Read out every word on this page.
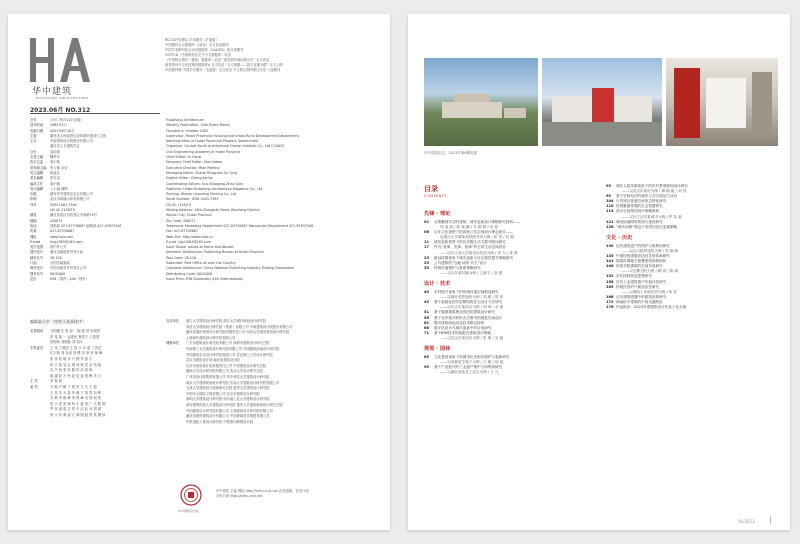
华中建筑
HUAZHONG ARCHITECTURE
2023.06月 NO.312
RCCSE中国核心学术期刊（扩展版）
中国期刊全文数据库（CJFD）全文收录期刊
中国学术期刊综合评价数据库（CAJCED）统计源期刊
CSTPCD（中国科技论文与引文数据库）收录
《中国核心期刊（遴选）数据库》收录 “超星期刊域出版平台” 全文收录
维普资讯中文科技期刊数据库A 全文收录 “万方数据——数字化期刊群” 全文上网
中国期刊网 中国学术期刊（光盘版）全文收录 中文核心期刊要目总览 入选期刊
总号	月刊（每月10日出版）
创刊时间	1983年5月
出版日期	2023年6月10日
主管	湖北省人民政府住房和城乡建设厅主管
主办	中南建筑设计院股份有限公司
湖北省土木建筑学会
社长	袁培煌
名誉主编	魏齐东
执行总监	周小刚
常务副主编	张元德 余宏
英文编辑	杨凌志
美术编辑	张光龙
编务主任	周小刚
发行编辑	丁小丽 韩锦
出版	湖北华中建筑杂志社有限公司
印刷	武汉市珞珈山印务有限公司
刊号	ISSN 1003-739X
CN 42-1158/TU
邮发	湖北省武汉市武昌区中南路19号
邮编	430071
电话	营销部 027-87330687 编辑部 027-87837548
传真	027-87330687
网址	www.hzjz.com
E-mail	hzjz1983@163.com
发行范围	国内外公开
国内发行	湖北省邮政报刊发行局
邮发代号	38-126
订阅	全国各地邮局
海外发行	中国出版对外贸易总公司
国外代号	DK42000
定价	¥38（国内）$26（国外）
Huazhong Architecture
Monthly Publication, 10th Every Month
Founded in October 1983
Supervisor: Hubei Provincial Housing and Urban-Rural Development Department
Administration of Hubei Provincial People's Government
Organizer: Central-South Architectural Design Institute Co., Ltd (CSADI)
Civil Engineering Academy of Hubei Province
Chief Editor: Yu Hong
Honorary Chief Editor: Xian Jiabao
Executive Director: Miao Peifeng
Managing Editor: Zhang Pengyuan Xu Qing
English Editor: Cheng Jianhe
Coordinating Editors: Guo Xiaopeng Zhao Qian
Publisher: Hubei Huazhong Architecture Magazine Co., Ltd
Printing: Wuhan Huaxiang Printing Co., Ltd
Serial Number: ISSN 1003-739X
CN 42-1158/TU
Mailing Address: 19th Zhongnan Road, Wuchang District,
Wuhan City, Hubei Province
Zip Code: 430071
Telephone: Marketing Department 027-87330687 Manuscript Department 027-87837548
Fax: 027-87330687
Web Site: http://www.hzjz.cn
E-mail: hzjz1983@163.com
Issue Scope: Issued at Home and Abroad
Domestic Distribution: Publishing Bureau of Hubei Province
Post Code: 38-126
Subscribe: Post Office all over the Country
Overseas Distribution: China National Publishing Industry Trading Corporation
Distributing Code: DK42000
Issue Price: ¥38 (Domestic) $26 (International)
编辑委员会（按姓氏笔画排序）
名誉顾问	马国馨 庄 惟 彭 一刚 崔 恺 何镜堂
常 青 陈 一 孟建民 程泰宁 王建国
张锦秋 邹德慈 刘 加平
专家委员	王 伟 王建国 王 伟 卢 永 毅 丁沃沃
孔宇航 刘 克成 刘 甦 刘 塨 李 保 峰
张 伟 张 敏 李 兴 钢 李 振 宇
杨 宇 振 吴 志 强 何 镜 堂 余 柏 椿
沈 中 伟 张 彤 陈 伯 冲 周 畅
胡 越 赵 万 民 赵 辰 崔 愷 梅 洪 元
主 任	李 春 舫
委 员	万 敏 卢 峰 丁 建 民 王 凡 王 振
王 英 朱 永 春 华 晓 宁 刘 剀 刘 晖
苏 梅 李 晓 峰 李 保 峰 吴 瑞 何 依
张 小 虎 张 颖 杨 宇 振 邹 广 天 陈 纲
罗 萍 嘉 周 卫 郑 中 洁 赵 冰 胡 斌
徐 小 东 黄 凌 江 谭 刚 毅 熊 燕 魏 欣
支持单位	浙江大学建筑设计研究院 浙江大学城乡规划设计研究院
同济大学建筑设计研究院（集团）有限公司 中南建筑设计院股份有限公司
湖北省城市规划设计研究院有限责任公司 同济大学城市规划设计研究院
上海现代建筑设计研究院有限公司
理事单位	广东省建筑设计研究院有限公司 深圳市建筑设计研究总院
华南理工大学建筑设计研究院有限公司 中国建筑西南设计研究院
中国建筑东北设计研究院有限公司 武汉理工大学设计研究院
武汉市建筑设计院 湖北省建筑设计院
长沙市规划设计院有限责任公司 中信建筑设计研究总院
湖南大学设计研究院有限公司 武汉大学设计研究总院
广州市设计院集团有限公司 华中科技大学建筑设计研究院
南京大学建筑规划设计研究院 东南大学建筑设计研究院有限公司
天津大学建筑设计规划研究总院 清华大学建筑设计研究院
中国中元国际工程有限公司 北京市建筑设计研究院
深圳大学建筑设计研究院 哈尔滨工业大学建筑设计研究院
西安建筑科技大学建筑设计研究院 重庆大学建筑规划设计研究总院
中国建筑设计研究院有限公司 上海建筑设计研究院有限公司
湖北省建科建筑设计有限公司 中国建筑技术集团有限公司
中机国际工程设计研究院 中铁第四勘察设计院
华中建筑杂志社
华中建筑 主编 网址 http://hzhu.cnki.net 在线投稿、在线订阅
手机扫码 http://hzhu.cnki.net
华中建筑杂志，2023年第6期封面
目录
CONTENTS
先锋 · 理论
01	从集聚到共享的建筑、城市更新设计策略研究探析——
徐 旭 晶 / 陈 晓 鹏 / 马 娟 晴 / 吴 迪
06	百年文化视野下的高校公共空间设计理念探讨——
以重庆大学城某高校图书馆为例 / 张 昊 / 肖 健
11	城市更新背景下的历史街区活力提升路径研究
17	作为“食事、饮事、宿事”的日常生活空间设计
——以长沙某大学宿舍区改造为例 / 刘 为 / 张 晨
23	新冠疫情视角下城市更新与社区韧性提升策略研究
29	公共建筑的“在地·场所·共生”设计
35	传统村落保护与营建策略研究
——以山东某村落为例 / 王新宇 / 高 强
设计 · 技术
40	乡村振兴视角下的传统村落空间格局研究
——以湖北省恩施州为例 / 刘 敏 / 曾 伟
45	基于参数化的多层钢结构住宅设计方法研究
——以长沙市某项目为例 / 刘 琦 / 余 鸿
51	基于健康建筑理念的医院建筑设计研究
56	基于光环境分析的大学图书馆阅览空间设计
61	既有建筑绿色改造技术路径探析
66	数字化设计在城市更新中的应用研究
71	基于BIM技术的装配式建筑设计策略
——以武汉市某项目为例 / 张 明 / 吴 磊
规划 · 园林
85	文化基因视角下的城市历史街区保护与更新研究
——以成都宽窄巷子为例 / 万 敏 / 胡 斌
90	基于产业振兴的工业遗产保护与再利用研究
——以湖北省某老工业区为例 / 王 凡
95	城乡人居环境视角下的乡村景观规划设计研究
——以武汉市某村为例 / 谭 刚 毅 / 刘 剀
99	基于空间句法的城市公共空间活力评价
104 历史城区街巷空间形态特征研究
110 传统聚落景观的生态智慧研究
115 滨水空间规划设计策略探析
——以长江沿岸某城市为例 / 罗 萍 嘉
121 城市绿道网络规划与建设研究
126 “城市双修”理念下的老旧社区更新策略
文化 · 历史
130 近代建筑遗产的保护与再利用研究
——以汉口租界建筑为例 / 李 晓 峰
135 中国传统建筑营造技艺的传承研究
141 明清时期地方衙署建筑形制探析
146 传统书院建筑的空间布局研究
——以岳麓书院为例 / 柳 肃 / 陈 纲
152 宋代园林营造思想研究
158 近代工业建筑遗产价值评估研究
163 传统民居的气候适应性研究
——以湘西土家族民居为例 / 何 依
168 汉代建筑明器中的建筑形象研究
172 闽南侨乡建筑的中西交融特征
176 作品推荐：2023年度建筑设计作品十佳大赛
06/2023
